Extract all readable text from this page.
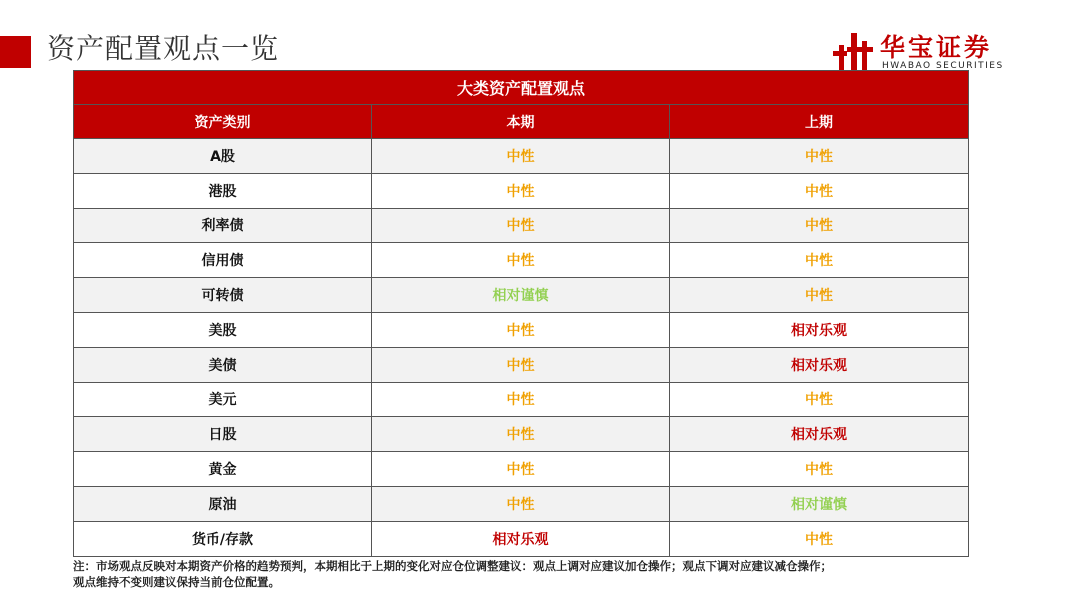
资产配置观点一览	华宝证券
HWABAO SECURITIES
大类资产配置观点		
资产类别	本期	上期
A股	中性	中性
港股	中性	中性
利率债	中性	中性
信用债	中性	中性
可转债	相对谨慎	中性
美股	中性	相对乐观
美债	中性	相对乐观
美元	中性	中性
日股	中性	相对乐观
黄金	中性	中性
原油	中性	相对谨慎
货币/存款	相对乐观	中性
注：市场观点反映对本期资产价格的趋势预判，本期相比于上期的变化对应仓位调整建议：观点上调对应建议加仓操作；观点下调对应建议减仓操作；
观点维持不变则建议保持当前仓位配置。
